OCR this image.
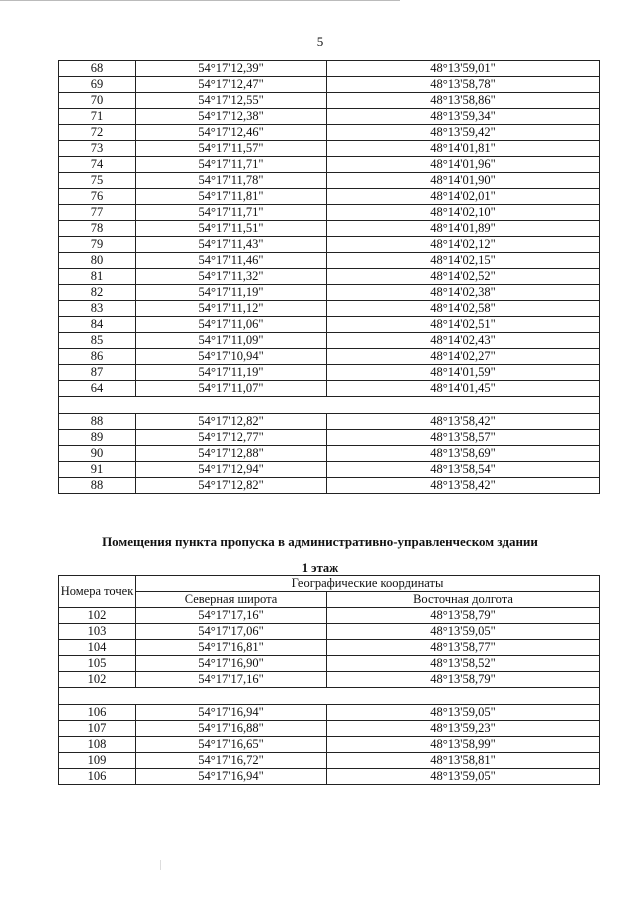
5
68	54°17'12,39"	48°13'59,01"
69	54°17'12,47"	48°13'58,78"
70	54°17'12,55"	48°13'58,86"
71	54°17'12,38"	48°13'59,34"
72	54°17'12,46"	48°13'59,42"
73	54°17'11,57"	48°14'01,81"
74	54°17'11,71"	48°14'01,96"
75	54°17'11,78"	48°14'01,90"
76	54°17'11,81"	48°14'02,01"
77	54°17'11,71"	48°14'02,10"
78	54°17'11,51"	48°14'01,89"
79	54°17'11,43"	48°14'02,12"
80	54°17'11,46"	48°14'02,15"
81	54°17'11,32"	48°14'02,52"
82	54°17'11,19"	48°14'02,38"
83	54°17'11,12"	48°14'02,58"
84	54°17'11,06"	48°14'02,51"
85	54°17'11,09"	48°14'02,43"
86	54°17'10,94"	48°14'02,27"
87	54°17'11,19"	48°14'01,59"
64	54°17'11,07"	48°14'01,45"

88	54°17'12,82"	48°13'58,42"
89	54°17'12,77"	48°13'58,57"
90	54°17'12,88"	48°13'58,69"
91	54°17'12,94"	48°13'58,54"
88	54°17'12,82"	48°13'58,42"
Помещения пункта пропуска в административно-управленческом здании
1 этаж
Номера точек	Географические координаты	
	Северная широта	Восточная долгота
102	54°17'17,16"	48°13'58,79"
103	54°17'17,06"	48°13'59,05"
104	54°17'16,81"	48°13'58,77"
105	54°17'16,90"	48°13'58,52"
102	54°17'17,16"	48°13'58,79"

106	54°17'16,94"	48°13'59,05"
107	54°17'16,88"	48°13'59,23"
108	54°17'16,65"	48°13'58,99"
109	54°17'16,72"	48°13'58,81"
106	54°17'16,94"	48°13'59,05"
